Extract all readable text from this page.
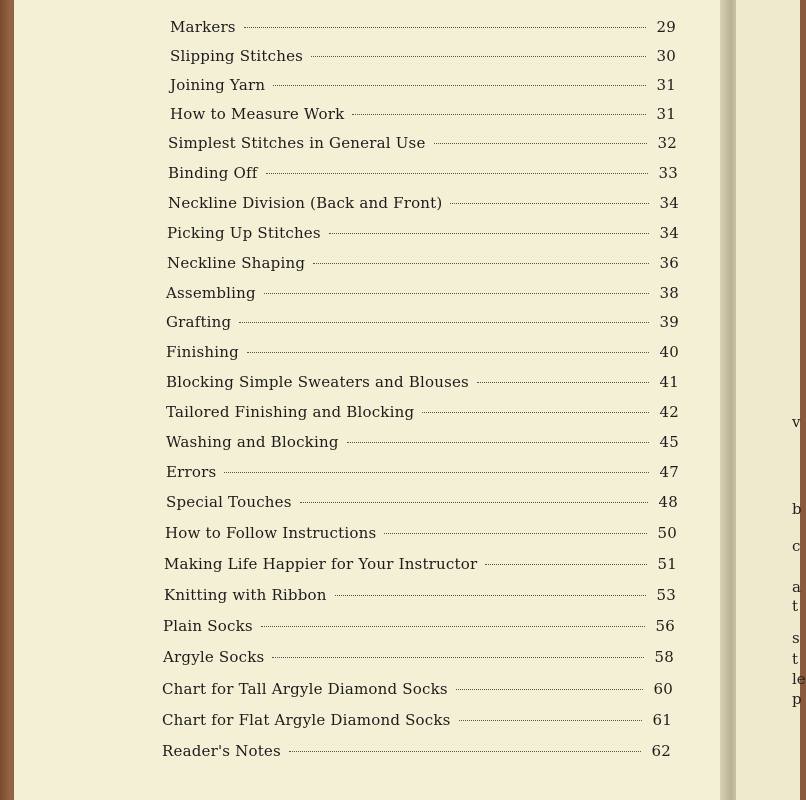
v
b
c
a
t
s
t
le
p
Markers	29
Slipping Stitches	30
Joining Yarn	31
How to Measure Work	31
Simplest Stitches in General Use	32
Binding Off	33
Neckline Division (Back and Front)	34
Picking Up Stitches	34
Neckline Shaping	36
Assembling	38
Grafting	39
Finishing	40
Blocking Simple Sweaters and Blouses	41
Tailored Finishing and Blocking	42
Washing and Blocking	45
Errors	47
Special Touches	48
How to Follow Instructions	50
Making Life Happier for Your Instructor	51
Knitting with Ribbon	53
Plain Socks	56
Argyle Socks	58
Chart for Tall Argyle Diamond Socks	60
Chart for Flat Argyle Diamond Socks	61
Reader's Notes	62
